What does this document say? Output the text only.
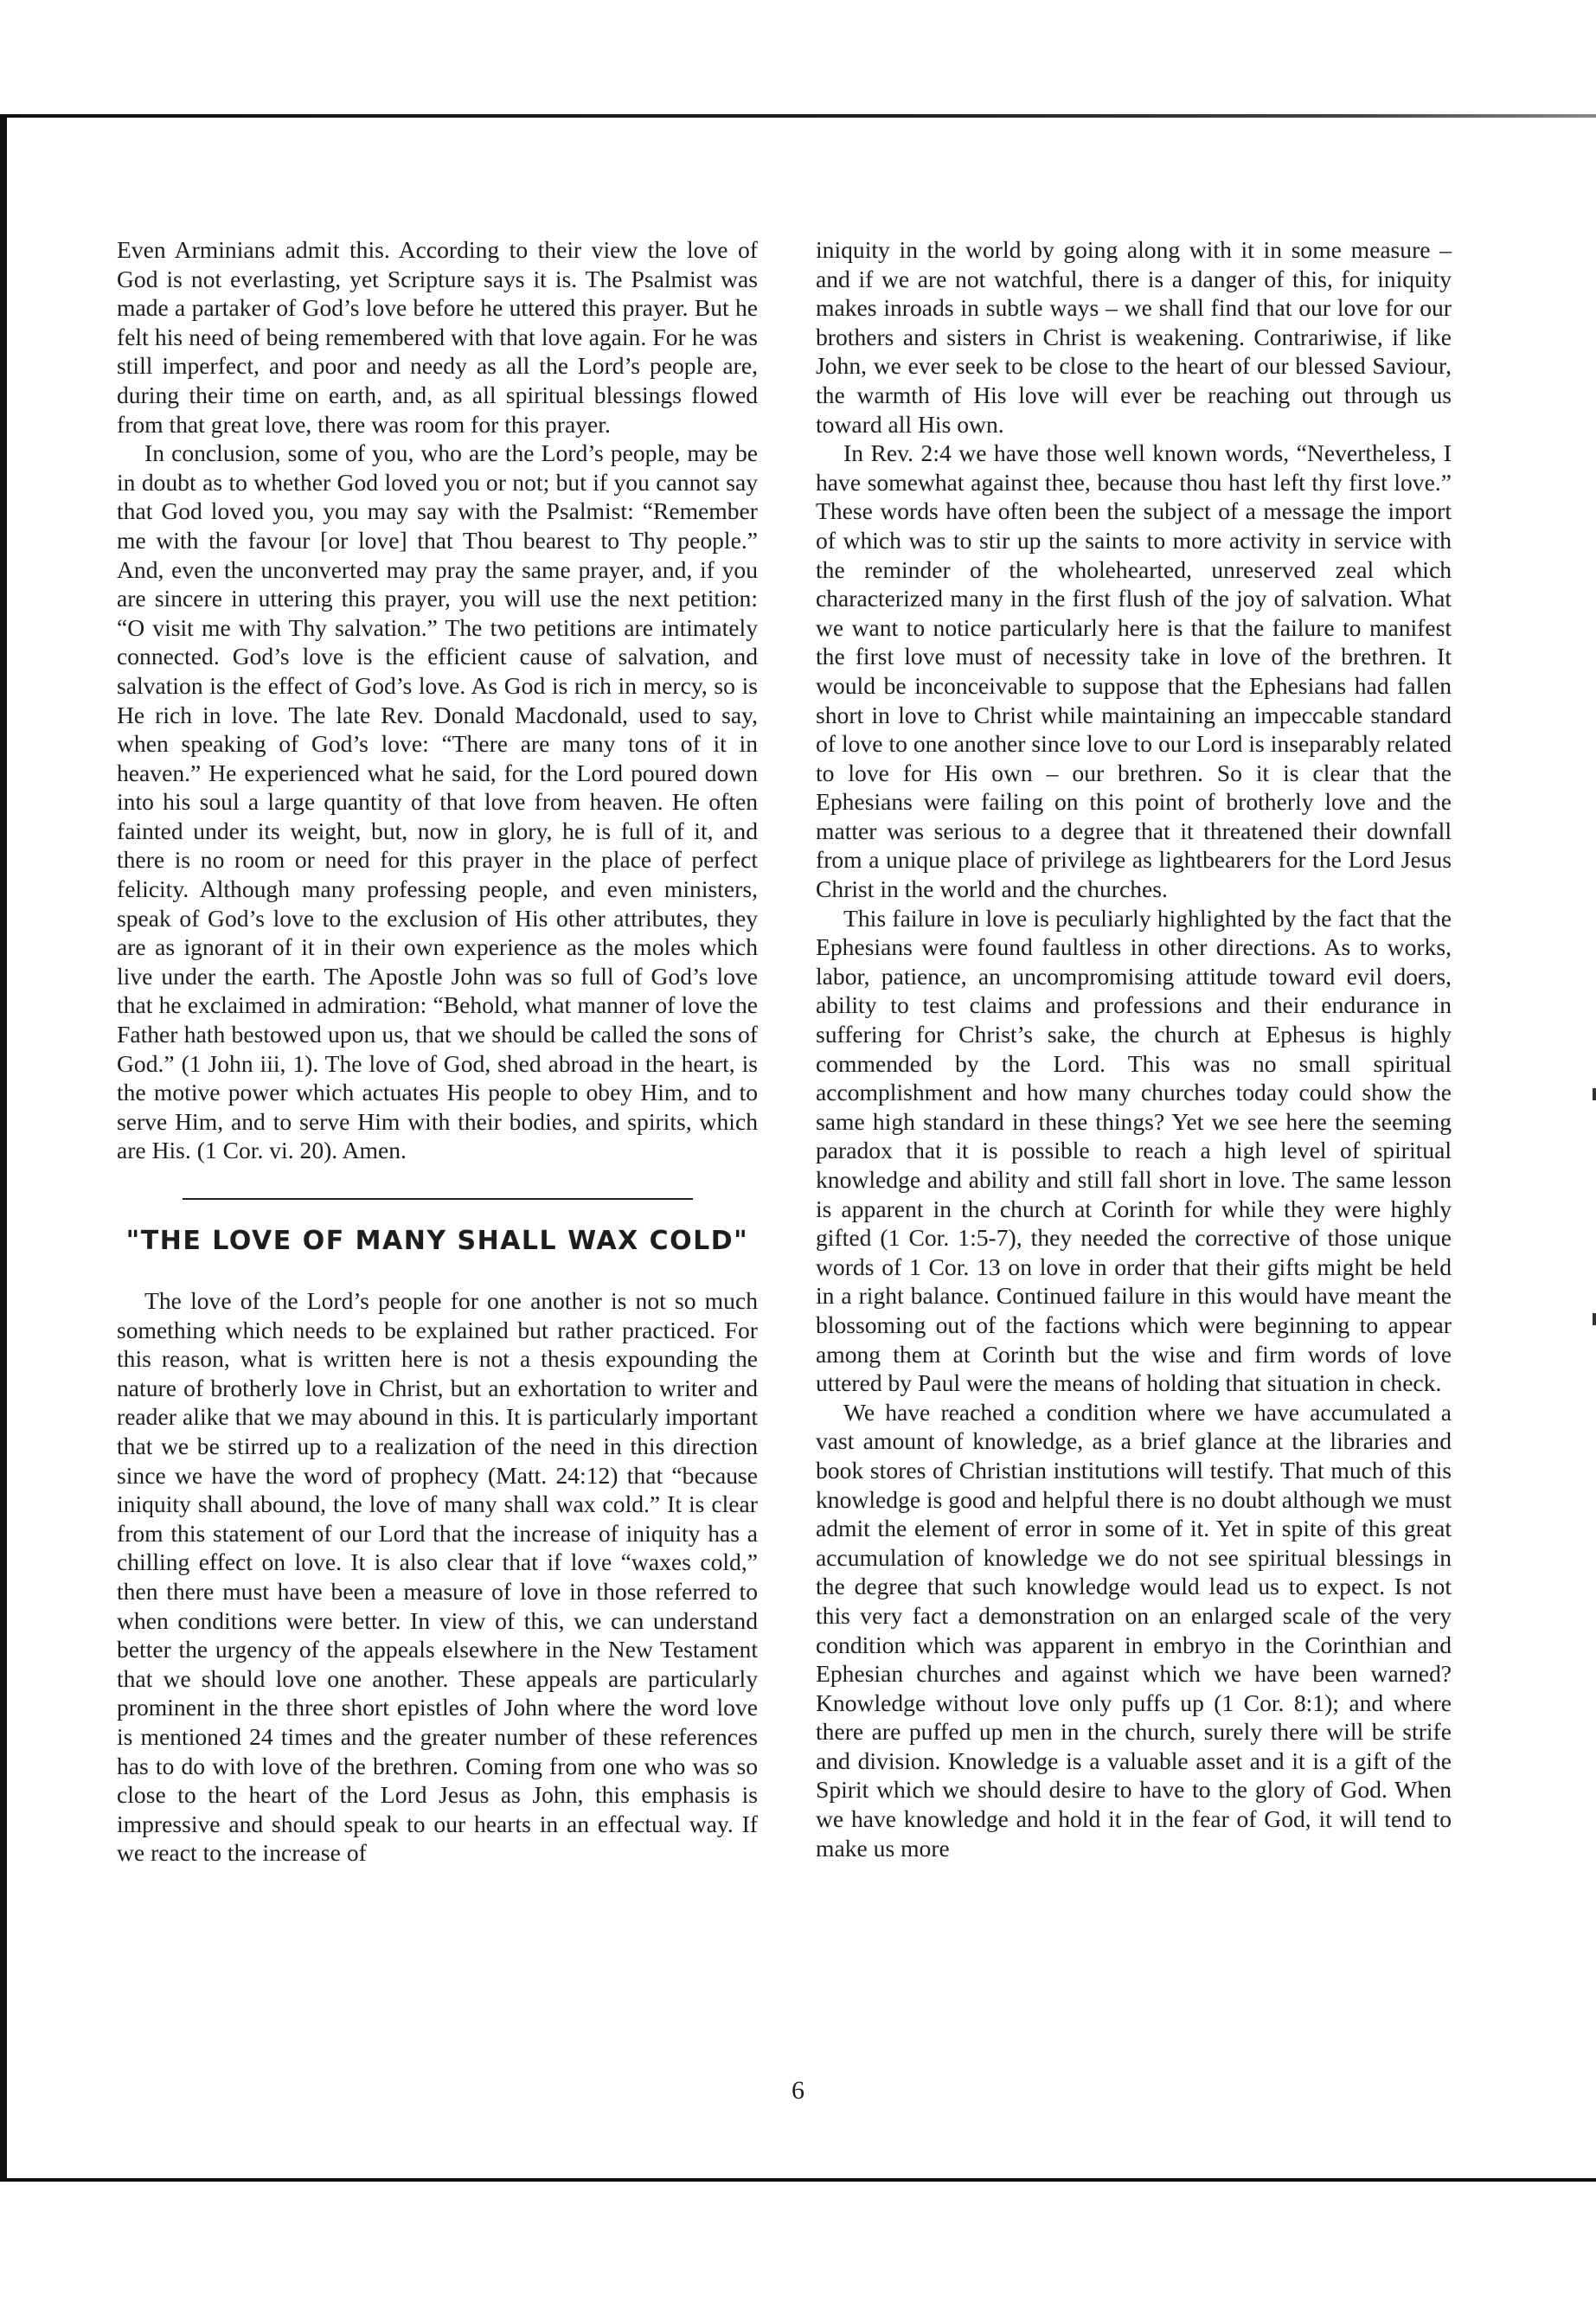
Even Arminians admit this. According to their view the love of God is not everlasting, yet Scripture says it is. The Psalmist was made a partaker of God’s love before he uttered this prayer. But he felt his need of being remembered with that love again. For he was still imperfect, and poor and needy as all the Lord’s people are, during their time on earth, and, as all spiritual blessings flowed from that great love, there was room for this prayer.

In conclusion, some of you, who are the Lord’s people, may be in doubt as to whether God loved you or not; but if you cannot say that God loved you, you may say with the Psalmist: “Remember me with the favour [or love] that Thou bearest to Thy people.” And, even the unconverted may pray the same prayer, and, if you are sincere in uttering this prayer, you will use the next petition: “O visit me with Thy salvation.” The two petitions are intimately connected. God’s love is the efficient cause of salvation, and salvation is the effect of God’s love. As God is rich in mercy, so is He rich in love. The late Rev. Donald Macdonald, used to say, when speaking of God’s love: “There are many tons of it in heaven.” He experienced what he said, for the Lord poured down into his soul a large quantity of that love from heaven. He often fainted under its weight, but, now in glory, he is full of it, and there is no room or need for this prayer in the place of perfect felicity. Although many professing people, and even ministers, speak of God’s love to the exclusion of His other attributes, they are as ignorant of it in their own experience as the moles which live under the earth. The Apostle John was so full of God’s love that he exclaimed in admiration: “Behold, what manner of love the Father hath bestowed upon us, that we should be called the sons of God.” (1 John iii, 1). The love of God, shed abroad in the heart, is the motive power which actuates His people to obey Him, and to serve Him, and to serve Him with their bodies, and spirits, which are His. (1 Cor. vi. 20). Amen.

"THE LOVE OF MANY SHALL WAX COLD"

The love of the Lord’s people for one another is not so much something which needs to be explained but rather practiced. For this reason, what is written here is not a thesis expounding the nature of brotherly love in Christ, but an exhortation to writer and reader alike that we may abound in this. It is particularly important that we be stirred up to a realization of the need in this direction since we have the word of prophecy (Matt. 24:12) that “because iniquity shall abound, the love of many shall wax cold.” It is clear from this statement of our Lord that the increase of iniquity has a chilling effect on love. It is also clear that if love “waxes cold,” then there must have been a measure of love in those referred to when conditions were better. In view of this, we can understand better the urgency of the appeals elsewhere in the New Testament that we should love one another. These appeals are particularly prominent in the three short epistles of John where the word love is mentioned 24 times and the greater number of these references has to do with love of the brethren. Coming from one who was so close to the heart of the Lord Jesus as John, this emphasis is impressive and should speak to our hearts in an effectual way. If we react to the increase of

iniquity in the world by going along with it in some measure – and if we are not watchful, there is a danger of this, for iniquity makes inroads in subtle ways – we shall find that our love for our brothers and sisters in Christ is weakening. Contrariwise, if like John, we ever seek to be close to the heart of our blessed Saviour, the warmth of His love will ever be reaching out through us toward all His own.

In Rev. 2:4 we have those well known words, “Nevertheless, I have somewhat against thee, because thou hast left thy first love.” These words have often been the subject of a message the import of which was to stir up the saints to more activity in service with the reminder of the wholehearted, unreserved zeal which characterized many in the first flush of the joy of salvation. What we want to notice particularly here is that the failure to manifest the first love must of necessity take in love of the brethren. It would be inconceivable to suppose that the Ephesians had fallen short in love to Christ while maintaining an impeccable standard of love to one another since love to our Lord is inseparably related to love for His own – our brethren. So it is clear that the Ephesians were failing on this point of brotherly love and the matter was serious to a degree that it threatened their downfall from a unique place of privilege as lightbearers for the Lord Jesus Christ in the world and the churches.

This failure in love is peculiarly highlighted by the fact that the Ephesians were found faultless in other directions. As to works, labor, patience, an uncompromising attitude toward evil doers, ability to test claims and professions and their endurance in suffering for Christ’s sake, the church at Ephesus is highly commended by the Lord. This was no small spiritual accomplishment and how many churches today could show the same high standard in these things? Yet we see here the seeming paradox that it is possible to reach a high level of spiritual knowledge and ability and still fall short in love. The same lesson is apparent in the church at Corinth for while they were highly gifted (1 Cor. 1:5-7), they needed the corrective of those unique words of 1 Cor. 13 on love in order that their gifts might be held in a right balance. Continued failure in this would have meant the blossoming out of the factions which were beginning to appear among them at Corinth but the wise and firm words of love uttered by Paul were the means of holding that situation in check.

We have reached a condition where we have accumulated a vast amount of knowledge, as a brief glance at the libraries and book stores of Christian institutions will testify. That much of this knowledge is good and helpful there is no doubt although we must admit the element of error in some of it. Yet in spite of this great accumulation of knowledge we do not see spiritual blessings in the degree that such knowledge would lead us to expect. Is not this very fact a demonstration on an enlarged scale of the very condition which was apparent in embryo in the Corinthian and Ephesian churches and against which we have been warned? Knowledge without love only puffs up (1 Cor. 8:1); and where there are puffed up men in the church, surely there will be strife and division. Knowledge is a valuable asset and it is a gift of the Spirit which we should desire to have to the glory of God. When we have knowledge and hold it in the fear of God, it will tend to make us more

6
